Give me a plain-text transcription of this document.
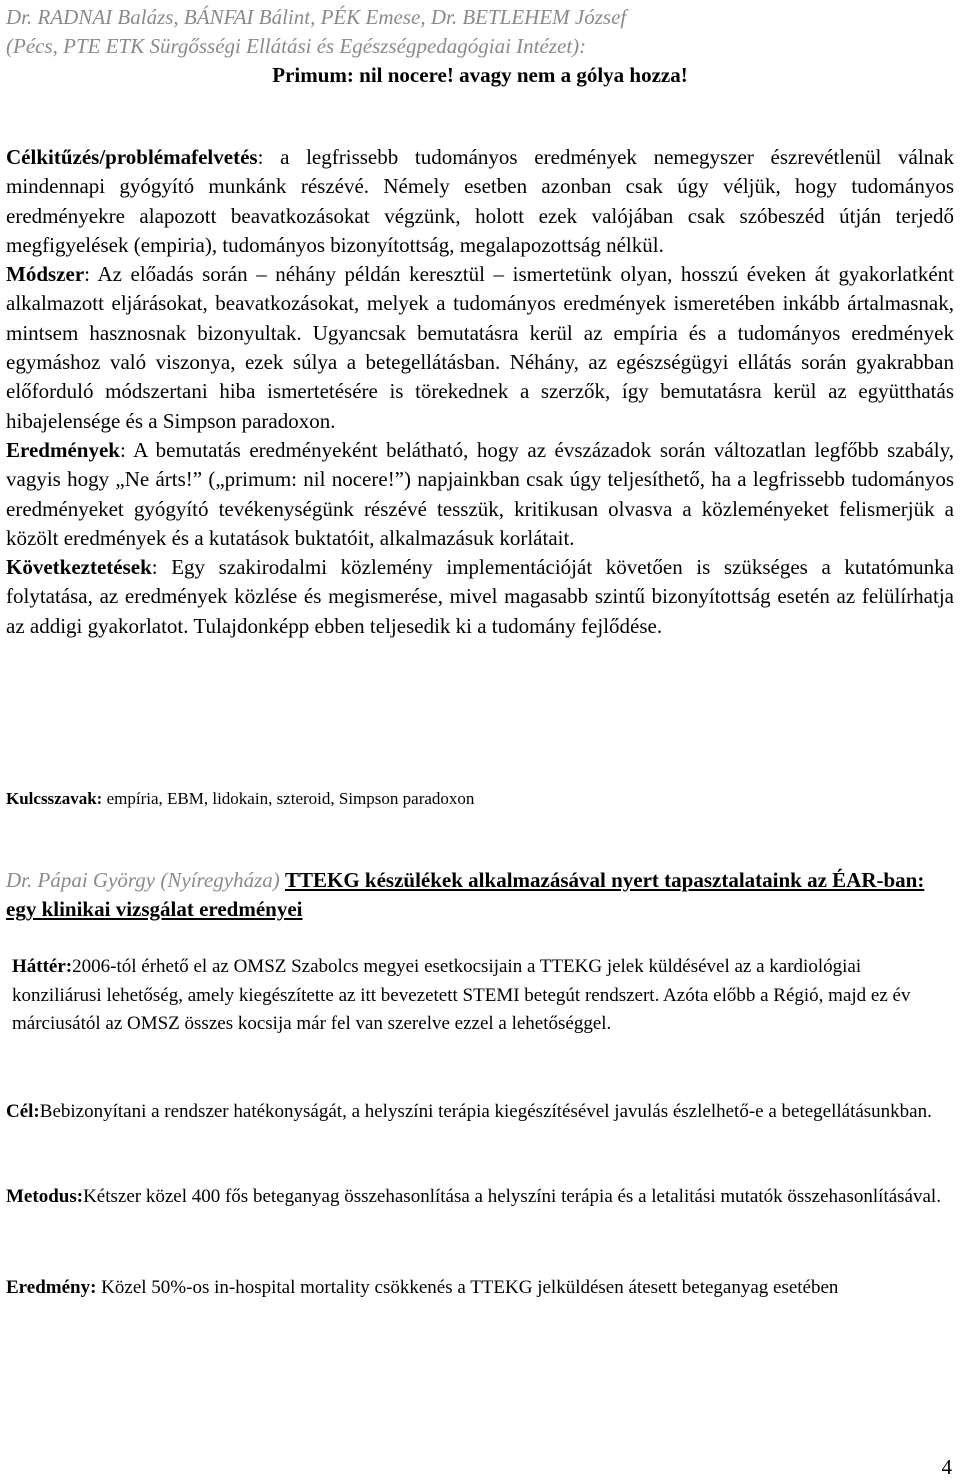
Dr. RADNAI Balázs, BÁNFAI Bálint, PÉK Emese, Dr. BETLEHEM József
(Pécs, PTE ETK Sürgősségi Ellátási és Egészségpedagógiai Intézet):
Primum: nil nocere! avagy nem a gólya hozza!

Célkitűzés/problémafelvetés: a legfrissebb tudományos eredmények nemegyszer észrevétlenül válnak mindennapi gyógyító munkánk részévé. Némely esetben azonban csak úgy véljük, hogy tudományos eredményekre alapozott beavatkozásokat végzünk, holott ezek valójában csak szóbeszéd útján terjedő megfigyelések (empiria), tudományos bizonyítottság, megalapozottság nélkül.

Módszer: Az előadás során – néhány példán keresztül – ismertetünk olyan, hosszú éveken át gyakorlatként alkalmazott eljárásokat, beavatkozásokat, melyek a tudományos eredmények ismeretében inkább ártalmasnak, mintsem hasznosnak bizonyultak. Ugyancsak bemutatásra kerül az empíria és a tudományos eredmények egymáshoz való viszonya, ezek súlya a betegellátásban. Néhány, az egészségügyi ellátás során gyakrabban előforduló módszertani hiba ismertetésére is törekednek a szerzők, így bemutatásra kerül az együtthatás hibajelensége és a Simpson paradoxon.

Eredmények: A bemutatás eredményeként belátható, hogy az évszázadok során változatlan legfőbb szabály, vagyis hogy „Ne árts!” („primum: nil nocere!”) napjainkban csak úgy teljesíthető, ha a legfrissebb tudományos eredményeket gyógyító tevékenységünk részévé tesszük, kritikusan olvasva a közleményeket felismerjük a közölt eredmények és a kutatások buktatóit, alkalmazásuk korlátait.

Következtetések: Egy szakirodalmi közlemény implementációját követően is szükséges a kutatómunka folytatása, az eredmények közlése és megismerése, mivel magasabb szintű bizonyítottság esetén az felülírhatja az addigi gyakorlatot. Tulajdonképp ebben teljesedik ki a tudomány fejlődése.

Kulcsszavak: empíria, EBM, lidokain, szteroid, Simpson paradoxon
Dr. Pápai György (Nyíregyháza) TTEKG készülékek alkalmazásával nyert tapasztalataink az ÉAR-ban: egy klinikai vizsgálat eredményei
Háttér:2006-tól érhető el az OMSZ Szabolcs megyei esetkocsijain a TTEKG jelek küldésével az a kardiológiai konziliárusi lehetőség, amely kiegészítette az itt bevezetett STEMI betegút rendszert. Azóta előbb a Régió, majd ez év márciusától az OMSZ összes kocsija már fel van szerelve ezzel a lehetőséggel.
Cél:Bebizonyítani a rendszer hatékonyságát, a helyszíni terápia kiegészítésével javulás észlelhető-e a betegellátásunkban.
Metodus:Kétszer közel 400 fős beteganyag összehasonlítása a helyszíni terápia és a letalitási mutatók összehasonlításával.
Eredmény: Közel 50%-os in-hospital mortality csökkenés a TTEKG jelküldésen átesett beteganyag esetében
4
